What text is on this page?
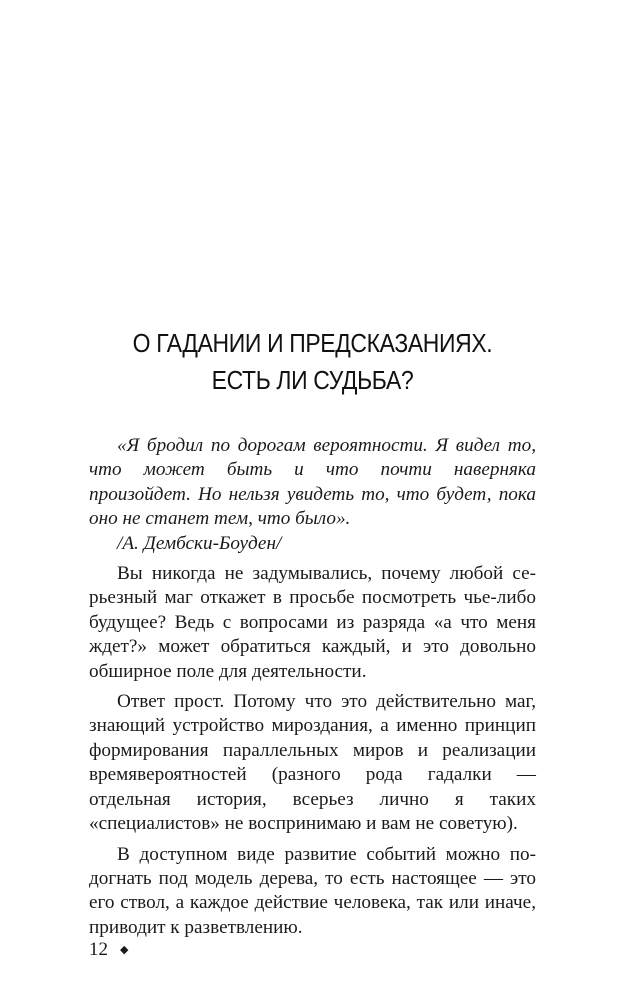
О ГАДАНИИ И ПРЕДСКАЗАНИЯХ.
ЕСТЬ ЛИ СУДЬБА?

«Я бродил по дорогам вероятности. Я видел то, что может быть и что почти наверняка произойдет. Но нельзя увидеть то, что будет, пока оно не станет тем, что было».

/А. Дембски-Боуден/

Вы никогда не задумывались, почему любой серьезный маг откажет в просьбе посмотреть чье-либо будущее? Ведь с вопросами из разряда «а что меня ждет?» может обратиться каждый, и это довольно обширное поле для деятельности.

Ответ прост. Потому что это действительно маг, знающий устройство мироздания, а именно принцип формирования параллельных миров и реализации времявероятностей (разного рода гадалки — отдельная история, всерьез лично я таких «специалистов» не воспринимаю и вам не советую).

В доступном виде развитие событий можно подогнать под модель дерева, то есть настоящее — это его ствол, а каждое действие человека, так или иначе, приводит к разветвлению.

12 ◆
